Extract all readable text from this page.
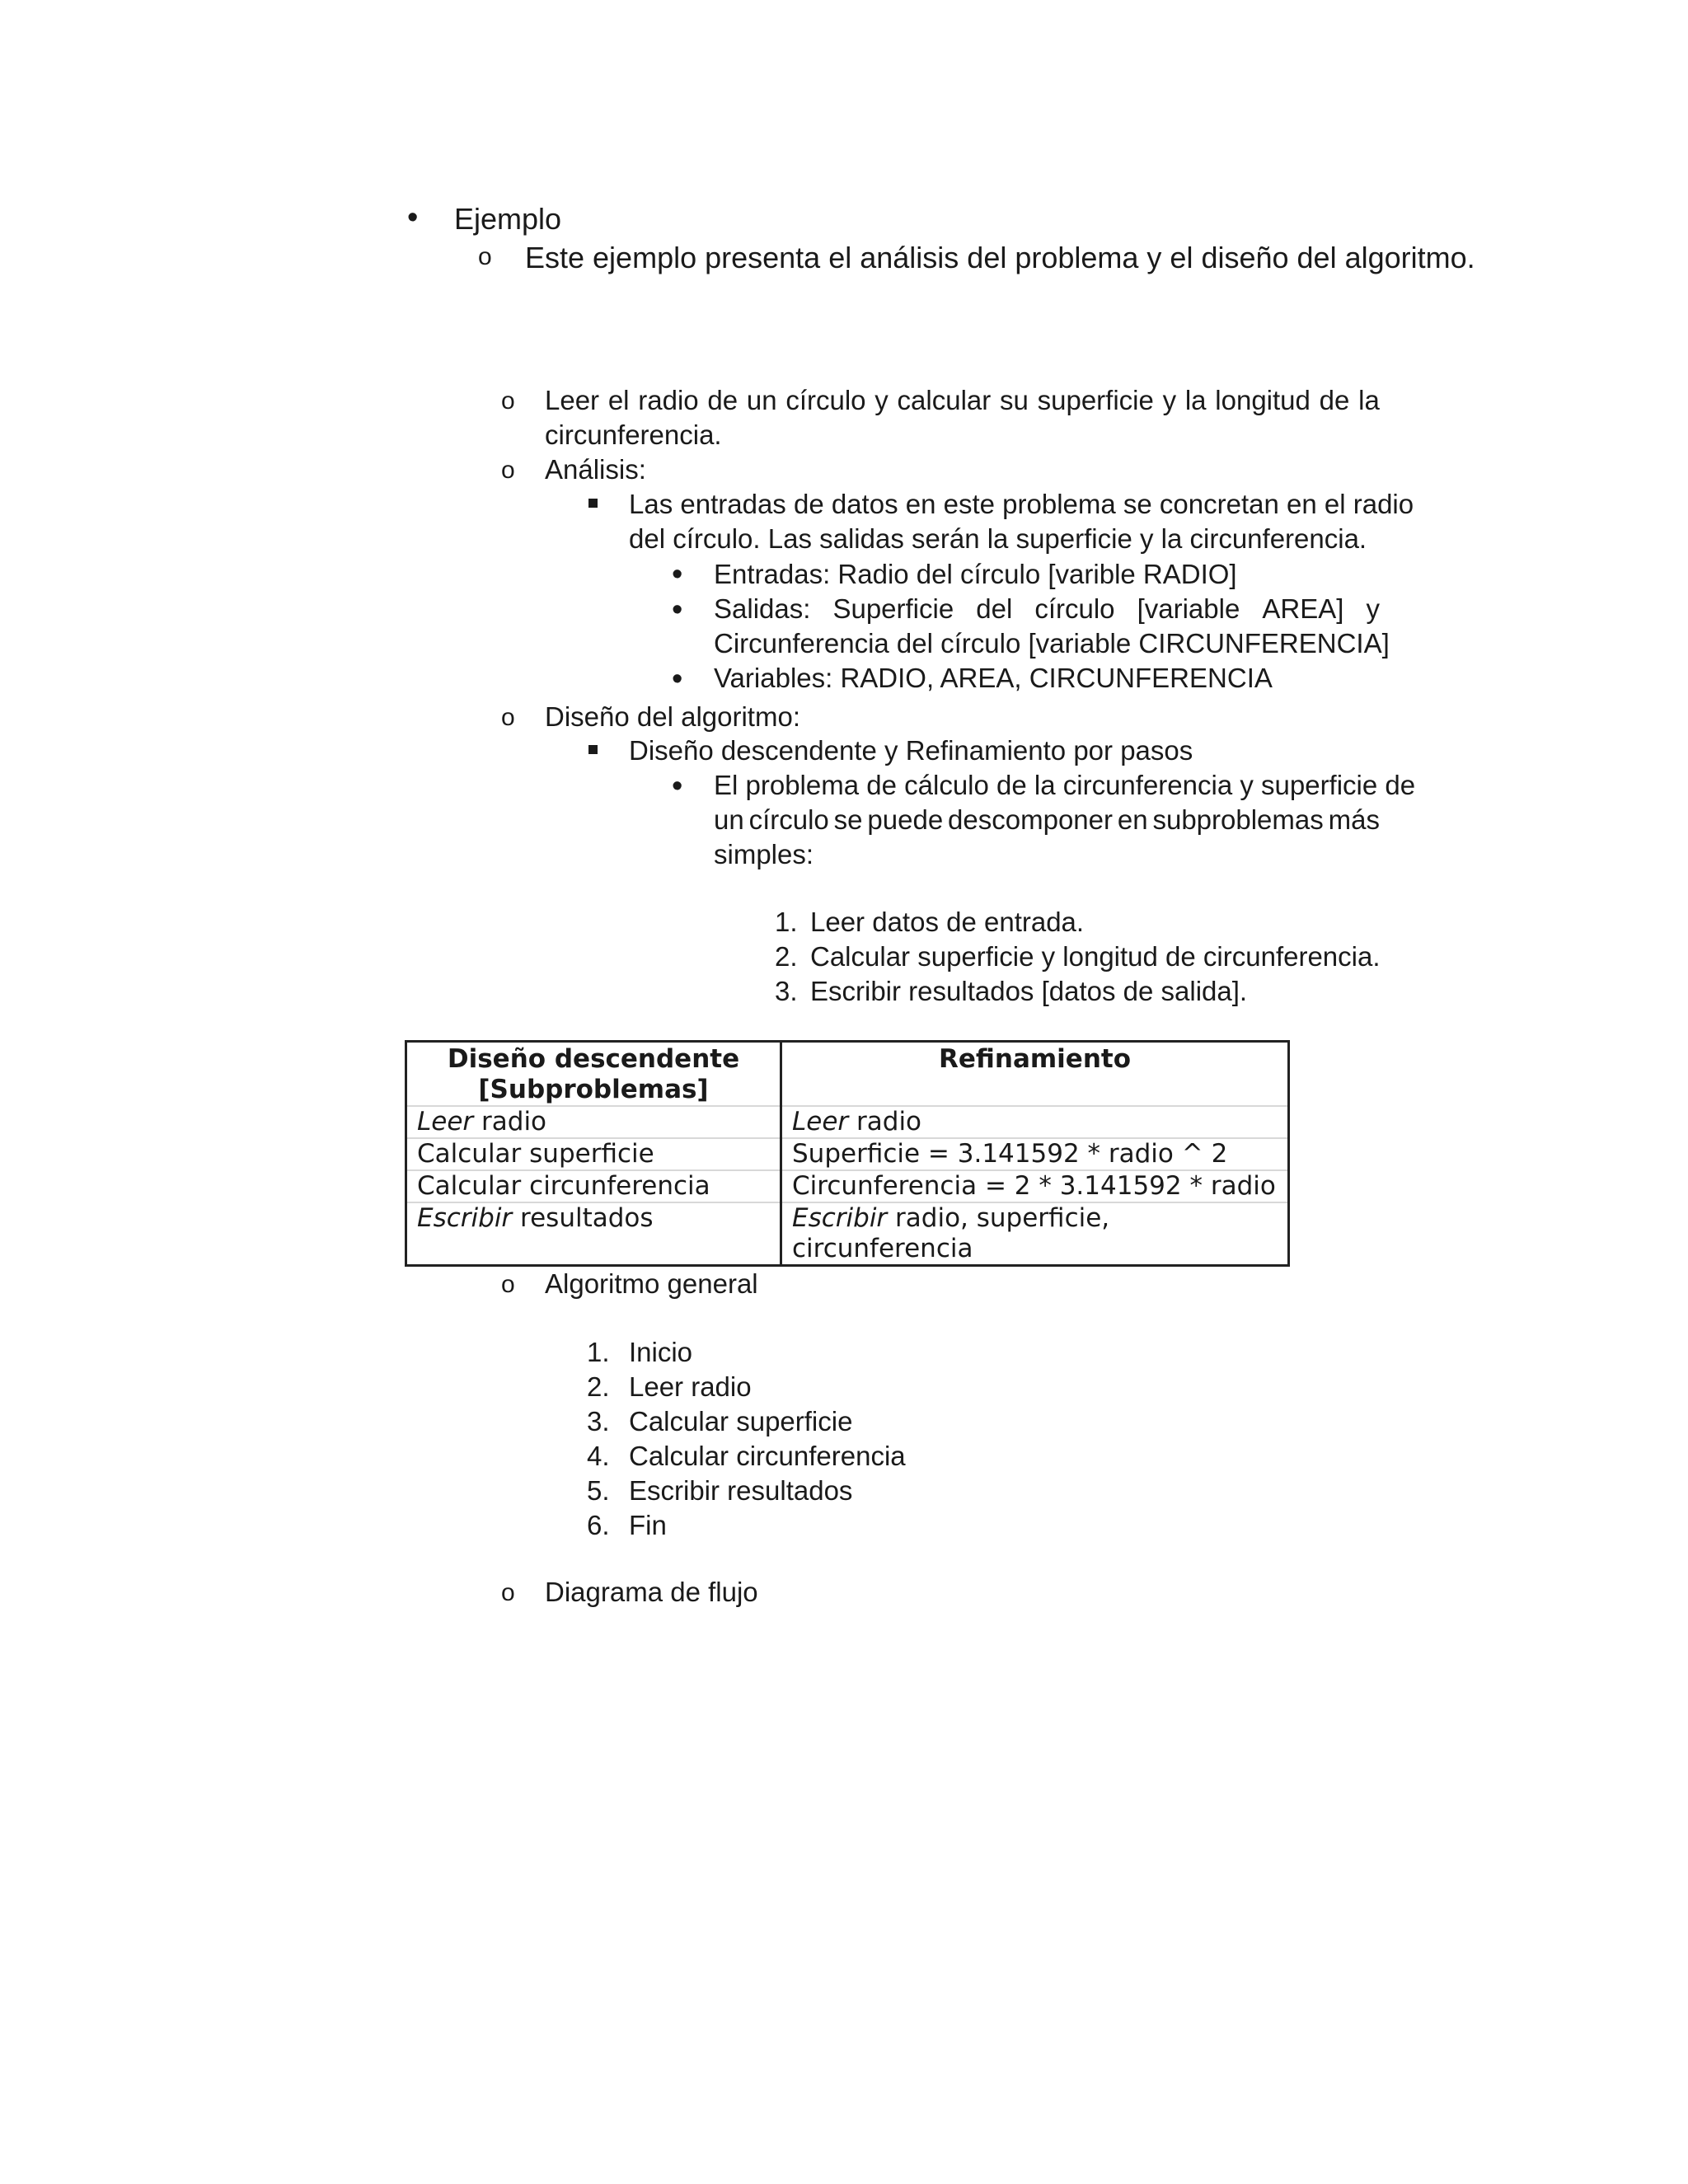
• Ejemplo
o Este ejemplo presenta el análisis del problema y el diseño del algoritmo.
o Leer el radio de un círculo y calcular su superficie y la longitud de la
circunferencia.
o Análisis:
Las entradas de datos en este problema se concretan en el radio
del círculo. Las salidas serán la superficie y la circunferencia.
• Entradas: Radio del círculo [varible RADIO]
• Salidas: Superficie del círculo [variable AREA] y
Circunferencia del círculo [variable CIRCUNFERENCIA]
• Variables: RADIO, AREA, CIRCUNFERENCIA
o Diseño del algoritmo:
Diseño descendente y Refinamiento por pasos
• El problema de cálculo de la circunferencia y superficie de
un círculo se puede descomponer en subproblemas más
simples:
1. Leer datos de entrada.
2. Calcular superficie y longitud de circunferencia.
3. Escribir resultados [datos de salida].
Diseño descendente
[Subproblemas]	Refinamiento
Leer radio	Leer radio
Calcular superficie	Superficie = 3.141592 * radio ^ 2
Calcular circunferencia	Circunferencia = 2 * 3.141592 * radio
Escribir resultados	Escribir radio, superficie, circunferencia
o Algoritmo general
1. Inicio
2. Leer radio
3. Calcular superficie
4. Calcular circunferencia
5. Escribir resultados
6. Fin
o Diagrama de flujo
